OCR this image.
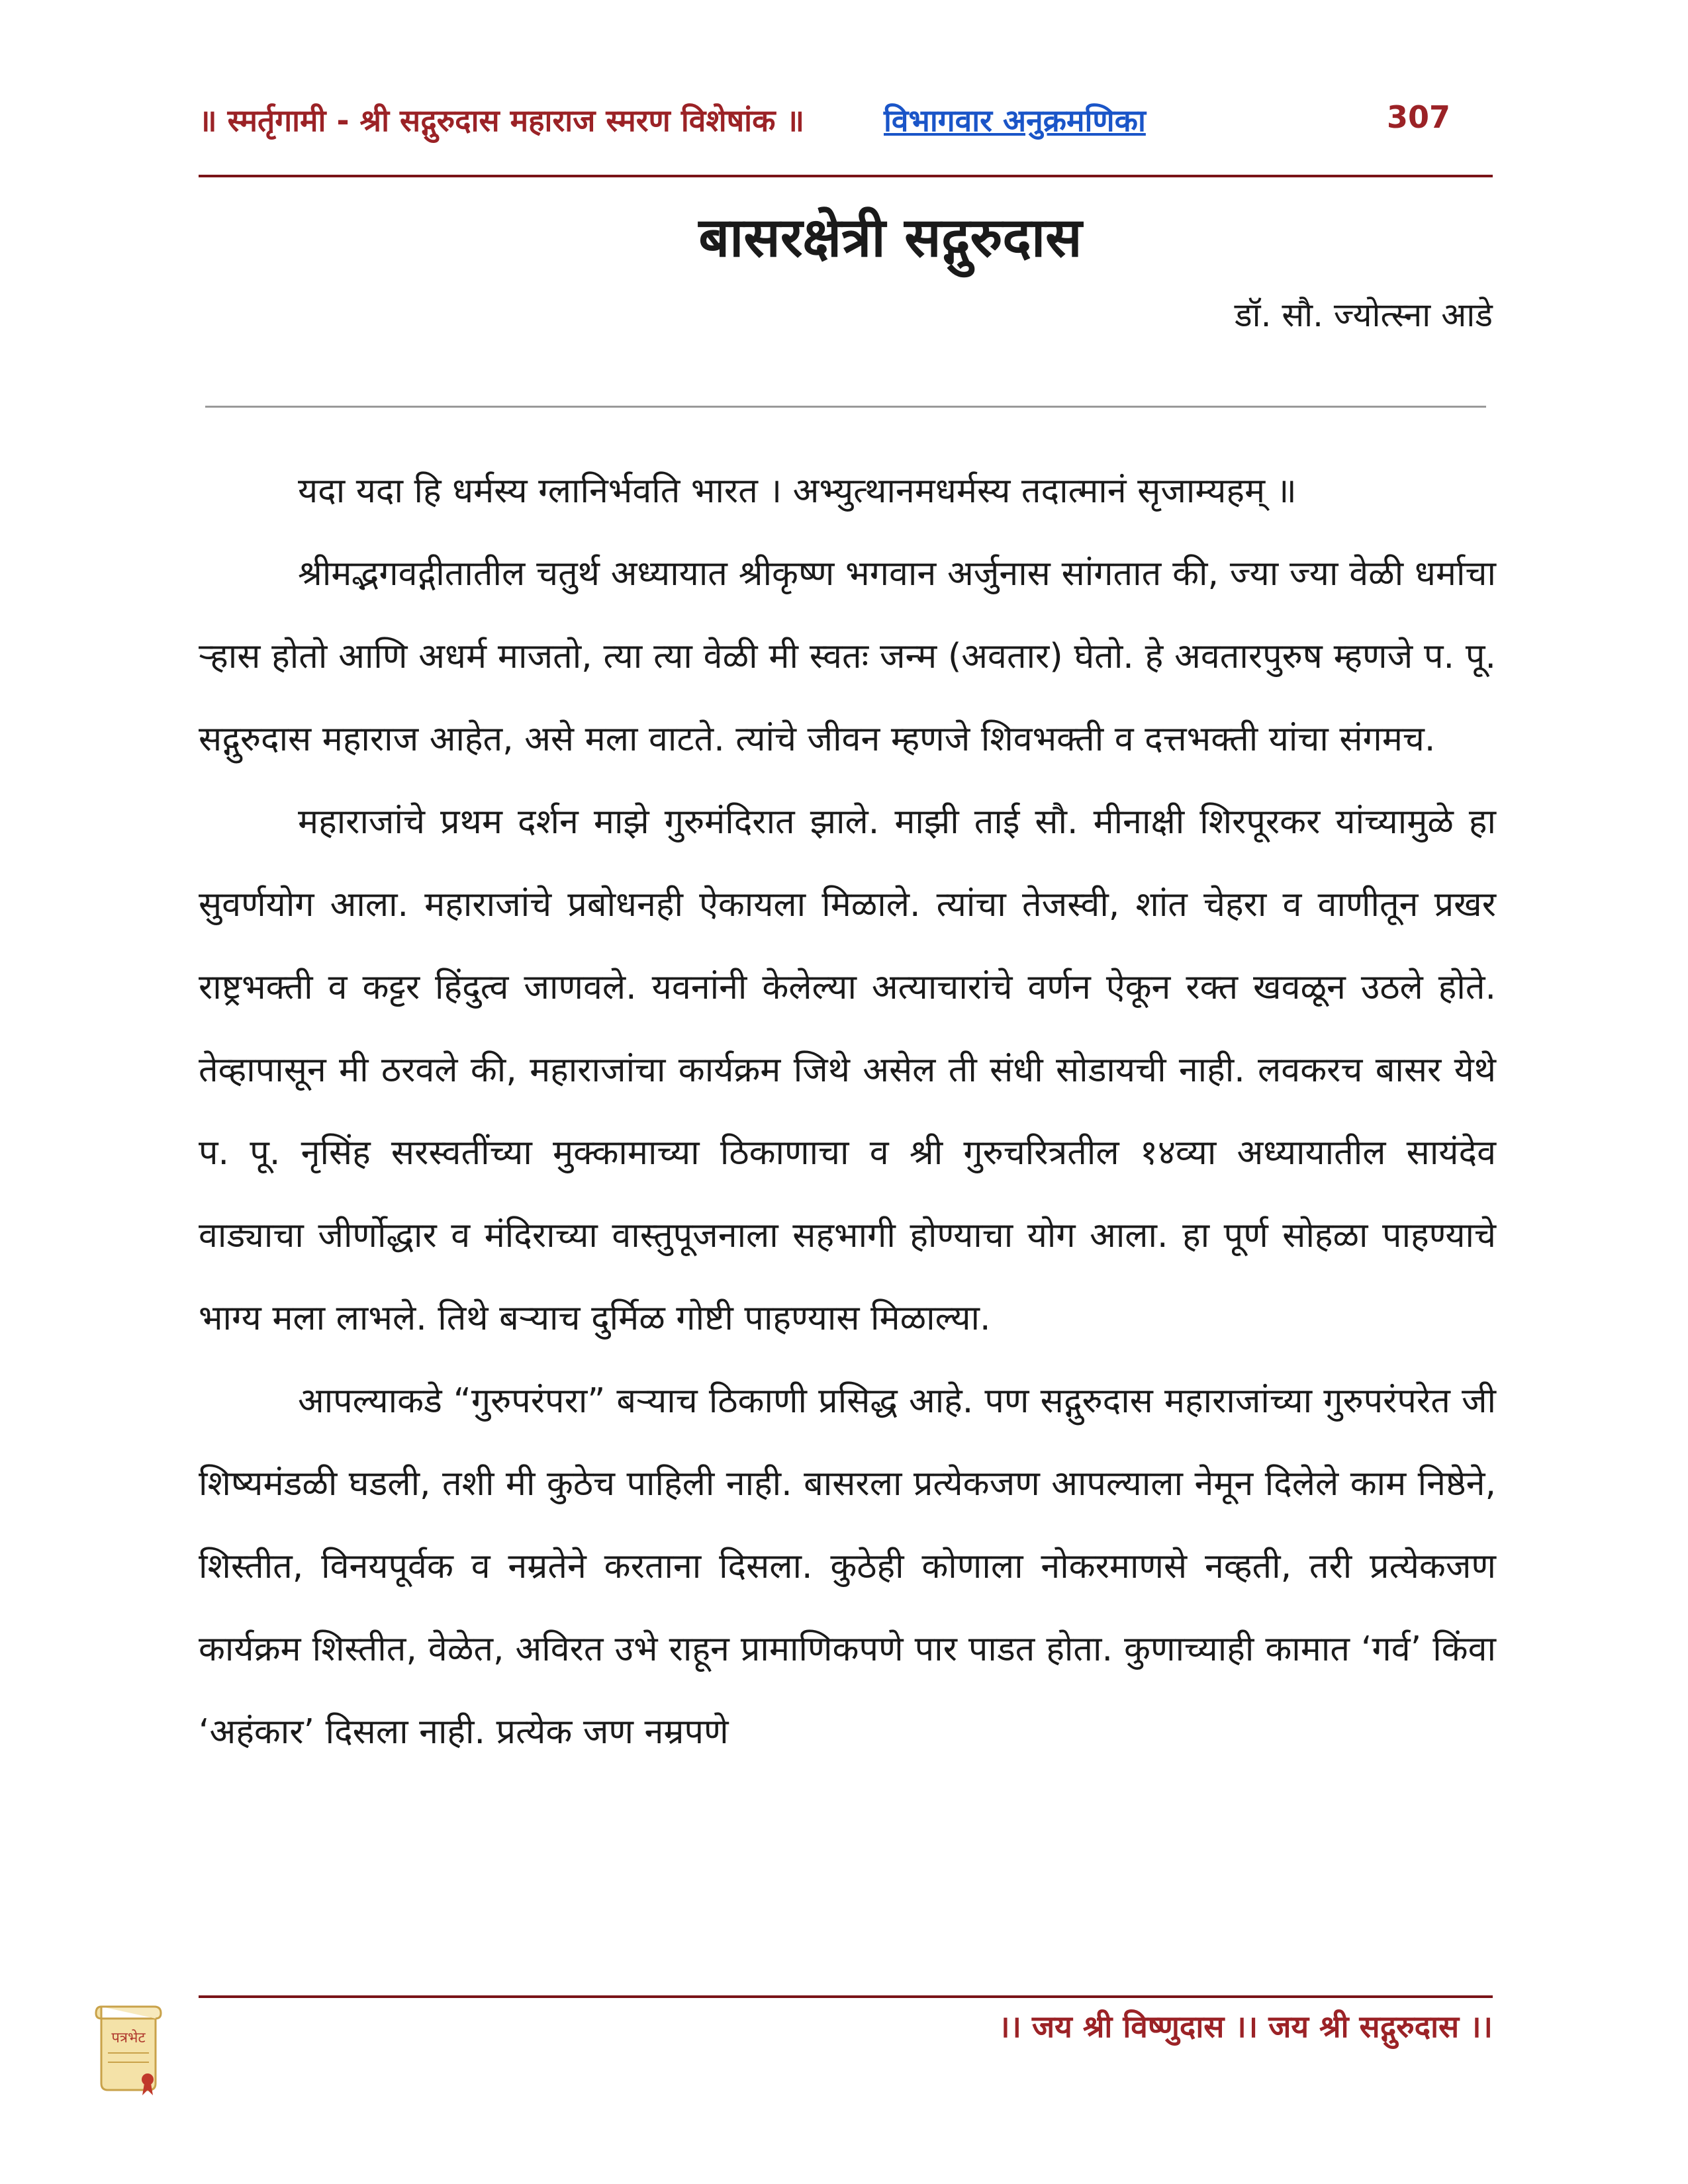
॥ स्मर्तृगामी - श्री सद्गुरुदास महाराज स्मरण विशेषांक ॥	विभागवार अनुक्रमणिका	307
बासरक्षेत्री सद्गुरुदास
डॉ. सौ. ज्योत्स्ना आडे

यदा यदा हि धर्मस्य ग्लानिर्भवति भारत । अभ्युत्थानमधर्मस्य तदात्मानं सृजाम्यहम् ॥

श्रीमद्भगवद्गीतातील चतुर्थ अध्यायात श्रीकृष्ण भगवान अर्जुनास सांगतात की, ज्या ज्या वेळी धर्माचा ऱ्हास होतो आणि अधर्म माजतो, त्या त्या वेळी मी स्वतः जन्म (अवतार) घेतो. हे अवतारपुरुष म्हणजे प. पू. सद्गुरुदास महाराज आहेत, असे मला वाटते. त्यांचे जीवन म्हणजे शिवभक्ती व दत्तभक्ती यांचा संगमच.

महाराजांचे प्रथम दर्शन माझे गुरुमंदिरात झाले. माझी ताई सौ. मीनाक्षी शिरपूरकर यांच्यामुळे हा सुवर्णयोग आला. महाराजांचे प्रबोधनही ऐकायला मिळाले. त्यांचा तेजस्वी, शांत चेहरा व वाणीतून प्रखर राष्ट्रभक्ती व कट्टर हिंदुत्व जाणवले. यवनांनी केलेल्या अत्याचारांचे वर्णन ऐकून रक्त खवळून उठले होते. तेव्हापासून मी ठरवले की, महाराजांचा कार्यक्रम जिथे असेल ती संधी सोडायची नाही. लवकरच बासर येथे प. पू. नृसिंह सरस्वतींच्या मुक्कामाच्या ठिकाणाचा व श्री गुरुचरित्रतील १४व्या अध्यायातील सायंदेव वाड्याचा जीर्णोद्धार व मंदिराच्या वास्तुपूजनाला सहभागी होण्याचा योग आला. हा पूर्ण सोहळा पाहण्याचे भाग्य मला लाभले. तिथे बऱ्याच दुर्मिळ गोष्टी पाहण्यास मिळाल्या.

आपल्याकडे “गुरुपरंपरा” बऱ्याच ठिकाणी प्रसिद्ध आहे. पण सद्गुरुदास महाराजांच्या गुरुपरंपरेत जी शिष्यमंडळी घडली, तशी मी कुठेच पाहिली नाही. बासरला प्रत्येकजण आपल्याला नेमून दिलेले काम निष्ठेने, शिस्तीत, विनयपूर्वक व नम्रतेने करताना दिसला. कुठेही कोणाला नोकरमाणसे नव्हती, तरी प्रत्येकजण कार्यक्रम शिस्तीत, वेळेत, अविरत उभे राहून प्रामाणिकपणे पार पाडत होता. कुणाच्याही कामात ‘गर्व’ किंवा ‘अहंकार’ दिसला नाही. प्रत्येक जण नम्रपणे

।। जय श्री विष्णुदास ।। जय श्री सद्गुरुदास ।।
पत्रभेट
